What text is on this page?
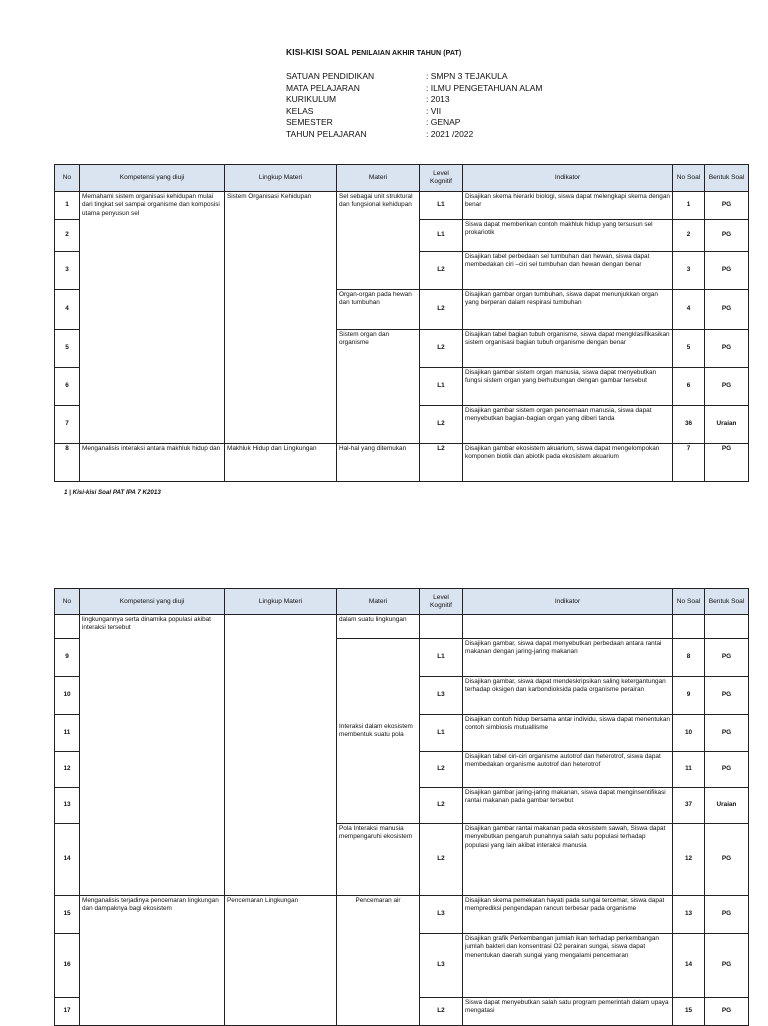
KISI-KISI SOAL PENILAIAN AKHIR TAHUN (PAT)
SATUAN PENDIDIKAN	: SMPN 3 TEJAKULA
MATA PELAJARAN	: ILMU PENGETAHUAN ALAM
KURIKULUM	: 2013
KELAS	: VII
SEMESTER	: GENAP
TAHUN PELAJARAN	: 2021 /2022
No	Kompetensi yang diuji	Lingkup Materi	Materi	Level Kognitif	Indikator	No Soal	Bentuk Soal
1	Memahami sistem organisasi kehidupan mulai dari tingkat sel sampai organisme dan komposisi utama penyusun sel	Sistem Organisasi Kehidupan	Sel sebagai unit struktural dan fungsional kehidupan	L1	Disajikan skema hierarki biologi, siswa dapat melengkapi skema dengan benar	1	PG
2				L1	Siswa dapat memberikan contoh makhluk hidup yang tersusun sel prokariotik	2	PG
3				L2	Disajikan tabel perbedaan sel tumbuhan dan hewan, siswa dapat membedakan ciri –ciri sel tumbuhan dan hewan dengan benar	3	PG
4			Organ-organ pada hewan dan tumbuhan	L2	Disajikan gambar organ tumbuhan, siswa dapat menunjukkan organ yang berperan dalam respirasi tumbuhan	4	PG
5			Sistem organ dan organisme	L2	Disajikan tabel bagian tubuh organisme, siswa dapat mengklasifikasikan sistem organisasi bagian tubuh organisme dengan benar	5	PG
6				L1	Disajikan gambar sistem organ manusia, siswa dapat menyebutkan fungsi sistem organ yang berhubungan dengan gambar tersebut	6	PG
7				L2	Disajikan gambar sistem organ pencernaan manusia, siswa dapat menyebutkan bagian-bagian organ yang diberi tanda	36	Uraian
8	Menganalisis interaksi antara makhluk hidup dan	Makhluk Hidup dan Lingkungan	Hal-hal yang ditemukan	L2	Disajikan gambar ekosistem akuarium, siswa dapat mengelompokan komponen biotik dan abiotik pada ekosistem akuarium	7	PG
1 | Kisi-kisi Soal PAT IPA 7 K2013
No	Kompetensi yang diuji	Lingkup Materi	Materi	Level Kognitif	Indikator	No Soal	Bentuk Soal
	lingkungannya serta dinamika populasi akibat interaksi tersebut		dalam suatu lingkungan				
9			Interaksi dalam ekosistem membentuk suatu pola	L1	Disajikan gambar, siswa dapat menyebutkan perbedaan antara rantai makanan dengan jaring-jaring makanan	8	PG
10				L3	Disajikan gambar, siswa dapat mendeskripsikan saling ketergantungan terhadap oksigen dan karbondioksida pada organisme perairan	9	PG
11				L1	Disajikan contoh hidup bersama antar individu, siswa dapat menentukan contoh simbiosis mutuallisme	10	PG
12				L2	Disajikan tabel ciri-ciri organisme autotrof dan heterotrof, siswa dapat membedakan organisme autotrof dan heterotrof	11	PG
13				L2	Disajikan gambar jaring-jaring makanan, siswa dapat menginsentifikasi rantai makanan pada gambar tersebut	37	Uraian
14			Pola Interaksi manusia mempengaruhi ekosistem	L2	Disajikan gambar rantai makanan pada ekosistem sawah, Siswa dapat menyebutkan pengaruh punahnya salah satu populasi terhadap populasi yang lain akibat interaksi manusia	12	PG
15	Menganalisis terjadinya pencemaran lingkungan dan dampaknya bagi ekosistem	Pencemaran Lingkungan	Pencemaran air	L3	Disajikan skema pemekatan hayati pada sungai tercemar, siswa dapat memprediksi pengendapan rancun terbesar pada organisme	13	PG
16				L3	Disajikan grafik Perkembangan jumlah ikan terhadap perkembangan jumlah bakteri dan konsentrasi O2 perairan sungai, siswa dapat menentukan daerah sungai yang mengalami pencemaran	14	PG
17				L2	Siswa dapat menyebutkan salah satu program pemerintah dalam upaya mengatasi	15	PG
